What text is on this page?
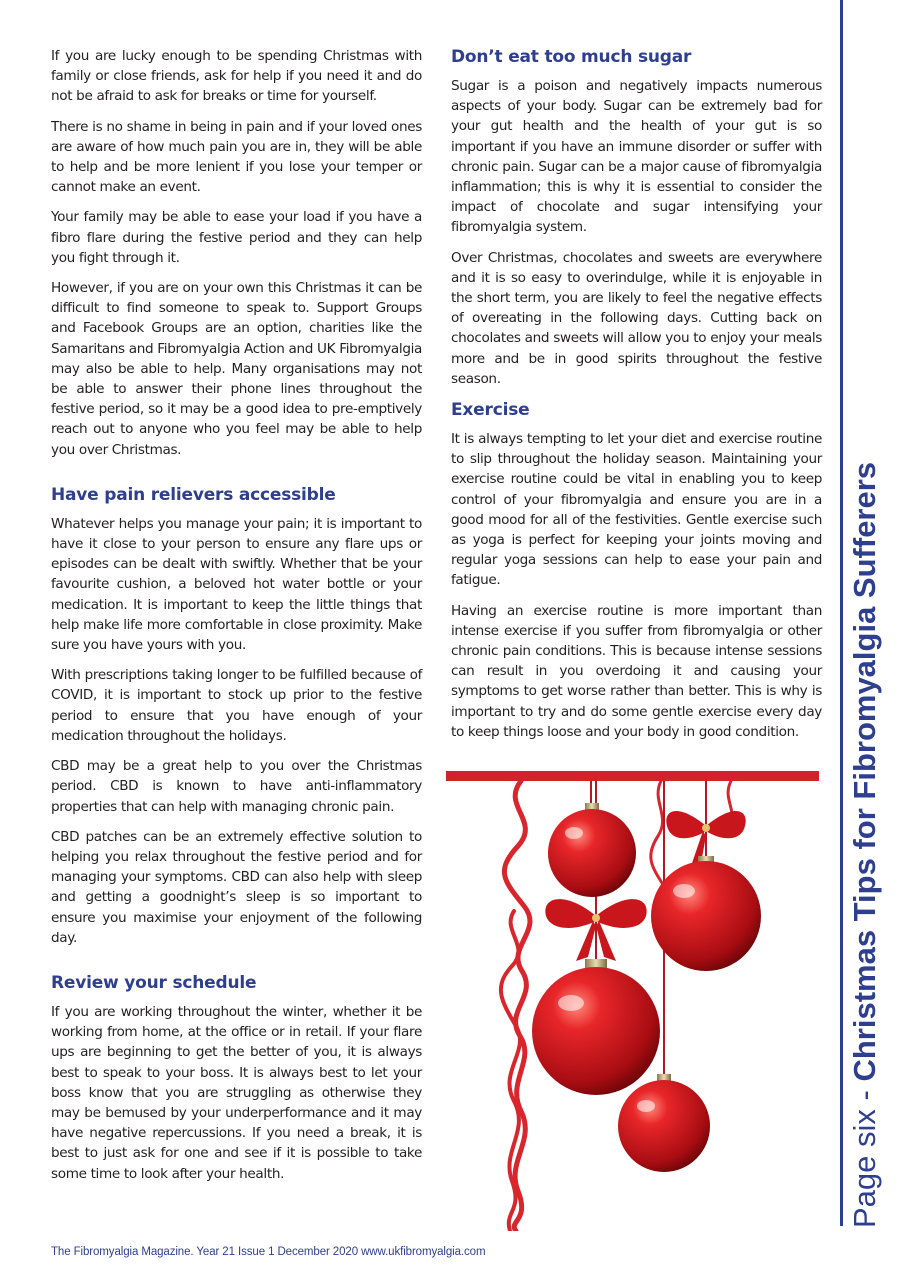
If you are lucky enough to be spending Christmas with family or close friends, ask for help if you need it and do not be afraid to ask for breaks or time for yourself.

There is no shame in being in pain and if your loved ones are aware of how much pain you are in, they will be able to help and be more lenient if you lose your temper or cannot make an event.

Your family may be able to ease your load if you have a fibro flare during the festive period and they can help you fight through it.

However, if you are on your own this Christmas it can be difficult to find someone to speak to. Support Groups and Facebook Groups are an option, charities like the Samaritans and Fibromyalgia Action and UK Fibromyalgia may also be able to help. Many organisations may not be able to answer their phone lines throughout the festive period, so it may be a good idea to pre-emptively reach out to anyone who you feel may be able to help you over Christmas.

Have pain relievers accessible

Whatever helps you manage your pain; it is important to have it close to your person to ensure any flare ups or episodes can be dealt with swiftly. Whether that be your favourite cushion, a beloved hot water bottle or your medication. It is important to keep the little things that help make life more comfortable in close proximity. Make sure you have yours with you.

With prescriptions taking longer to be fulfilled because of COVID, it is important to stock up prior to the festive period to ensure that you have enough of your medication throughout the holidays.

CBD may be a great help to you over the Christmas period. CBD is known to have anti-inflammatory properties that can help with managing chronic pain.

CBD patches can be an extremely effective solution to helping you relax throughout the festive period and for managing your symptoms. CBD can also help with sleep and getting a goodnight’s sleep is so important to ensure you maximise your enjoyment of the following day.

Review your schedule

If you are working throughout the winter, whether it be working from home, at the office or in retail. If your flare ups are beginning to get the better of you, it is always best to speak to your boss. It is always best to let your boss know that you are struggling as otherwise they may be bemused by your underperformance and it may have negative repercussions. If you need a break, it is best to just ask for one and see if it is possible to take some time to look after your health.

Don’t eat too much sugar

Sugar is a poison and negatively impacts numerous aspects of your body. Sugar can be extremely bad for your gut health and the health of your gut is so important if you have an immune disorder or suffer with chronic pain. Sugar can be a major cause of fibromyalgia inflammation; this is why it is essential to consider the impact of chocolate and sugar intensifying your fibromyalgia system.

Over Christmas, chocolates and sweets are everywhere and it is so easy to overindulge, while it is enjoyable in the short term, you are likely to feel the negative effects of overeating in the following days. Cutting back on chocolates and sweets will allow you to enjoy your meals more and be in good spirits throughout the festive season.

Exercise

It is always tempting to let your diet and exercise routine to slip throughout the holiday season. Maintaining your exercise routine could be vital in enabling you to keep control of your fibromyalgia and ensure you are in a good mood for all of the festivities. Gentle exercise such as yoga is perfect for keeping your joints moving and regular yoga sessions can help to ease your pain and fatigue.

Having an exercise routine is more important than intense exercise if you suffer from fibromyalgia or other chronic pain conditions. This is because intense sessions can result in you overdoing it and causing your symptoms to get worse rather than better. This is why is important to try and do some gentle exercise every day to keep things loose and your body in good condition.

Page six - Christmas Tips for Fibromyalgia Sufferers
The Fibromyalgia Magazine. Year 21 Issue 1 December 2020 www.ukfibromyalgia.com
